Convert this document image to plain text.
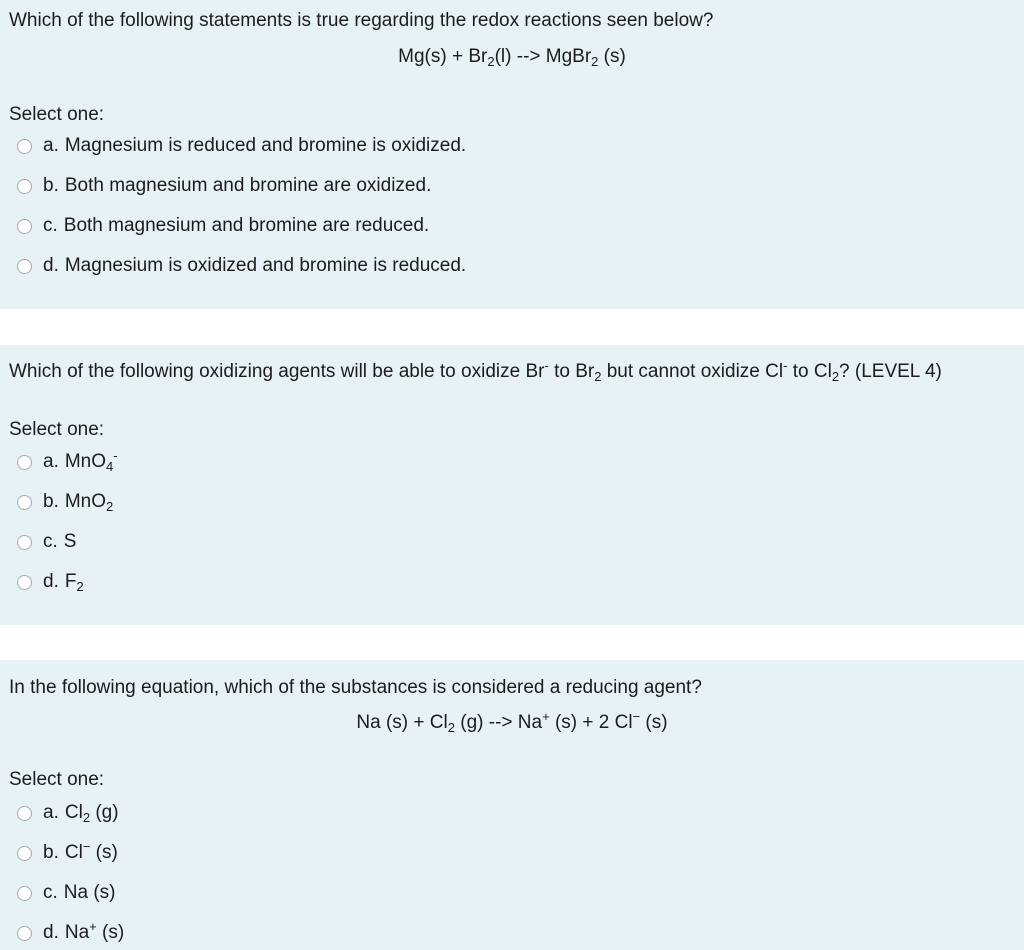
Which of the following statements is true regarding the redox reactions seen below?
$Mg(s) + Br_2(l)$ --> MgBr$_2$ (s)
Select one:
a. Magnesium is reduced and bromine is oxidized.
b. Both magnesium and bromine are oxidized.
c. Both magnesium and bromine are reduced.
d. Magnesium is oxidized and bromine is reduced.
Which of the following oxidizing agents will be able to oxidize Br- to $Br_2$ but cannot oxidize Cl- to $Cl_2$? (LEVEL 4)
Select one:
a. MnO$_4$-
b. MnO$_2$
c. S
d. $F_2$
In the following equation, which of the substances is considered a reducing agent?
Na $(s) + Cl_2$ (g) --> Na+ (s) + 2 Cl− (s)
Select one:
a. $Cl_2$ (g)
b. Cl− (s)
c. Na (s)
d. Na+ (s)
